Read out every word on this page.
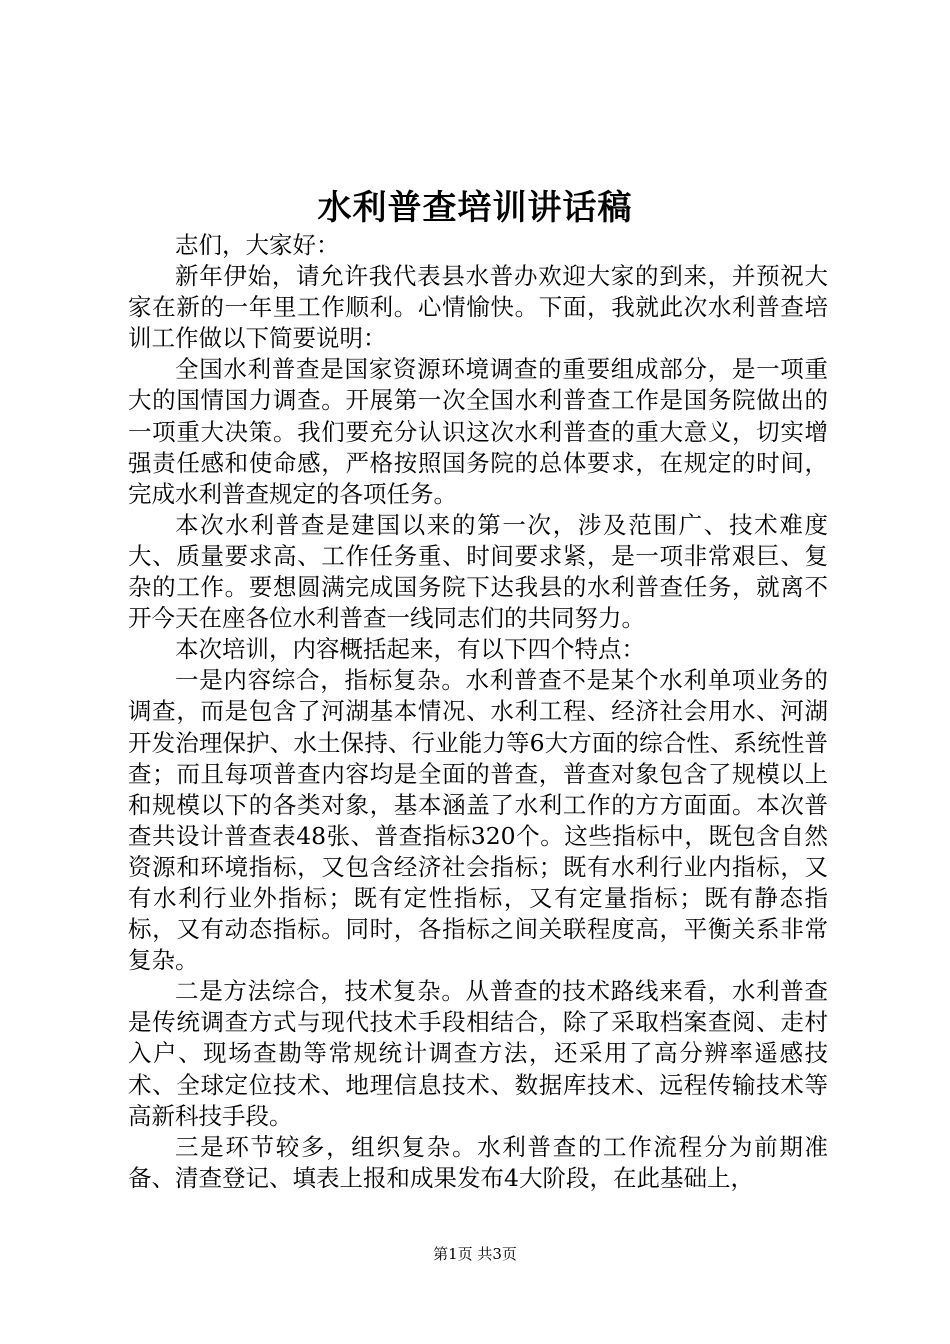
水利普查培训讲话稿

志们，大家好：

新年伊始，请允许我代表县水普办欢迎大家的到来，并预祝大家在新的一年里工作顺利。心情愉快。下面，我就此次水利普查培训工作做以下简要说明：

全国水利普查是国家资源环境调查的重要组成部分，是一项重大的国情国力调查。开展第一次全国水利普查工作是国务院做出的一项重大决策。我们要充分认识这次水利普查的重大意义，切实增强责任感和使命感，严格按照国务院的总体要求，在规定的时间，完成水利普查规定的各项任务。

本次水利普查是建国以来的第一次，涉及范围广、技术难度大、质量要求高、工作任务重、时间要求紧，是一项非常艰巨、复杂的工作。要想圆满完成国务院下达我县的水利普查任务，就离不开今天在座各位水利普查一线同志们的共同努力。

本次培训，内容概括起来，有以下四个特点：

一是内容综合，指标复杂。水利普查不是某个水利单项业务的调查，而是包含了河湖基本情况、水利工程、经济社会用水、河湖开发治理保护、水土保持、行业能力等6大方面的综合性、系统性普查；而且每项普查内容均是全面的普查，普查对象包含了规模以上和规模以下的各类对象，基本涵盖了水利工作的方方面面。本次普查共设计普查表48张、普查指标320个。这些指标中，既包含自然资源和环境指标，又包含经济社会指标；既有水利行业内指标，又有水利行业外指标；既有定性指标，又有定量指标；既有静态指标，又有动态指标。同时，各指标之间关联程度高，平衡关系非常复杂。

二是方法综合，技术复杂。从普查的技术路线来看，水利普查是传统调查方式与现代技术手段相结合，除了采取档案查阅、走村入户、现场查勘等常规统计调查方法，还采用了高分辨率遥感技术、全球定位技术、地理信息技术、数据库技术、远程传输技术等高新科技手段。

三是环节较多，组织复杂。水利普查的工作流程分为前期准备、清查登记、填表上报和成果发布4大阶段，在此基础上，

第1页 共3页
